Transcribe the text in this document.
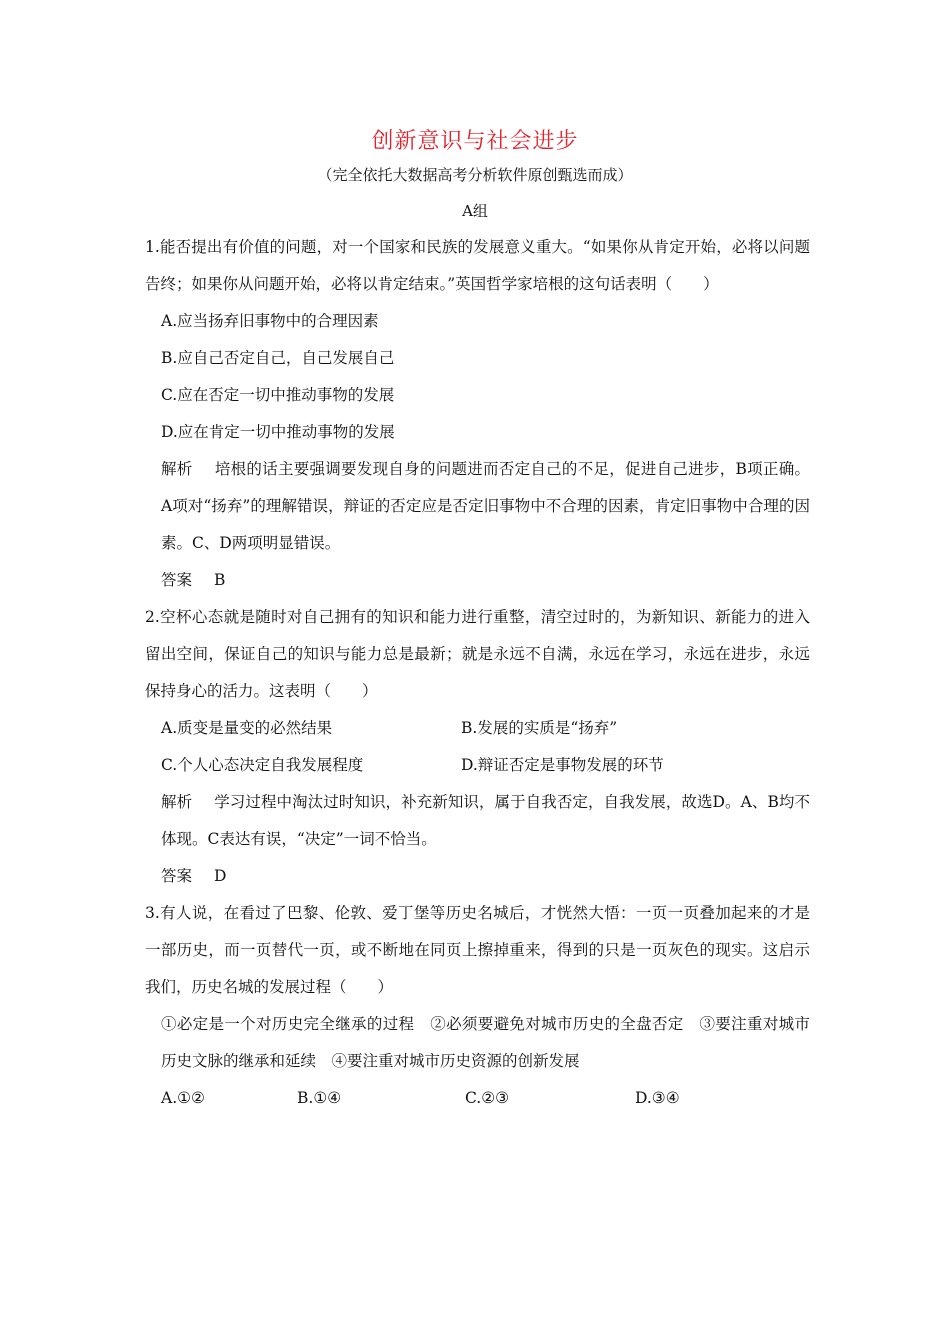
创新意识与社会进步
（完全依托大数据高考分析软件原创甄选而成）
A组

1.能否提出有价值的问题，对一个国家和民族的发展意义重大。“如果你从肯定开始，必将以问题告终；如果你从问题开始，必将以肯定结束。”英国哲学家培根的这句话表明（　　）

A.应当扬弃旧事物中的合理因素

B.应自己否定自己，自己发展自己

C.应在否定一切中推动事物的发展

D.应在肯定一切中推动事物的发展

解析 培根的话主要强调要发现自身的问题进而否定自己的不足，促进自己进步，B项正确。A项对“扬弃”的理解错误，辩证的否定应是否定旧事物中不合理的因素，肯定旧事物中合理的因素。C、D两项明显错误。

答案 B

2.空杯心态就是随时对自己拥有的知识和能力进行重整，清空过时的，为新知识、新能力的进入留出空间，保证自己的知识与能力总是最新；就是永远不自满，永远在学习，永远在进步，永远保持身心的活力。这表明（　　）

A.质变是量变的必然结果	B.发展的实质是“扬弃”
C.个人心态决定自我发展程度	D.辩证否定是事物发展的环节

解析 学习过程中淘汰过时知识，补充新知识，属于自我否定，自我发展，故选D。A、B均不体现。C表达有误，“决定”一词不恰当。

答案 D

3.有人说，在看过了巴黎、伦敦、爱丁堡等历史名城后，才恍然大悟：一页一页叠加起来的才是一部历史，而一页替代一页，或不断地在同页上擦掉重来，得到的只是一页灰色的现实。这启示我们，历史名城的发展过程（　　）

①必定是一个对历史完全继承的过程　②必须要避免对城市历史的全盘否定　③要注重对城市历史文脉的继承和延续　④要注重对城市历史资源的创新发展

A.①②	B.①④	C.②③	D.③④
